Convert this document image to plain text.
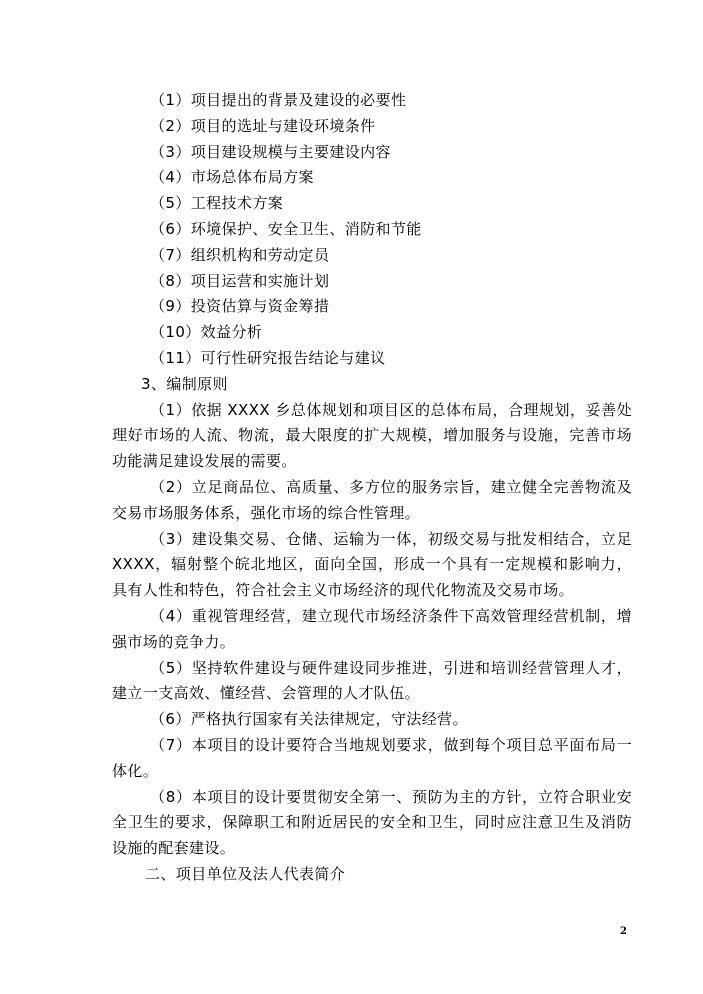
（1）项目提出的背景及建设的必要性
（2）项目的选址与建设环境条件
（3）项目建设规模与主要建设内容
（4）市场总体布局方案
（5）工程技术方案
（6）环境保护、安全卫生、消防和节能
（7）组织机构和劳动定员
（8）项目运营和实施计划
（9）投资估算与资金筹措
（10）效益分析
（11）可行性研究报告结论与建议
3、编制原则

（1）依据 XXXX 乡总体规划和项目区的总体布局，合理规划，妥善处理好市场的人流、物流，最大限度的扩大规模，增加服务与设施，完善市场功能满足建设发展的需要。

（2）立足商品位、高质量、多方位的服务宗旨，建立健全完善物流及交易市场服务体系，强化市场的综合性管理。

（3）建设集交易、仓储、运输为一体，初级交易与批发相结合，立足 XXXX，辐射整个皖北地区，面向全国，形成一个具有一定规模和影响力，具有人性和特色，符合社会主义市场经济的现代化物流及交易市场。

（4）重视管理经营，建立现代市场经济条件下高效管理经营机制，增强市场的竞争力。

（5）坚持软件建设与硬件建设同步推进，引进和培训经营管理人才，建立一支高效、懂经营、会管理的人才队伍。

（6）严格执行国家有关法律规定，守法经营。

（7）本项目的设计要符合当地规划要求，做到每个项目总平面布局一体化。

（8）本项目的设计要贯彻安全第一、预防为主的方针，立符合职业安全卫生的要求，保障职工和附近居民的安全和卫生，同时应注意卫生及消防设施的配套建设。

二、项目单位及法人代表简介
2
